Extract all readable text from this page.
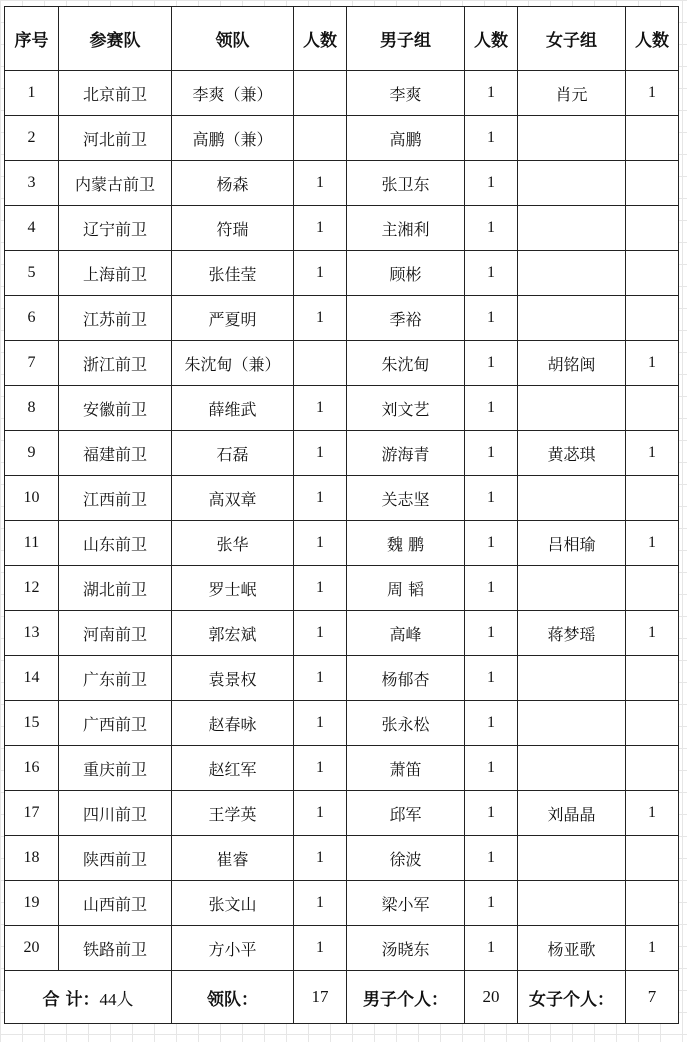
序号	参赛队	领队	人数	男子组	人数	女子组	人数
1	北京前卫	李爽（兼）		李爽	1	肖元	1
2	河北前卫	高鹏（兼）		高鹏	1		
3	内蒙古前卫	杨森	1	张卫东	1		
4	辽宁前卫	符瑞	1	主湘利	1		
5	上海前卫	张佳莹	1	顾彬	1		
6	江苏前卫	严夏明	1	季裕	1		
7	浙江前卫	朱沈甸（兼）		朱沈甸	1	胡铭闽	1
8	安徽前卫	薛维武	1	刘文艺	1		
9	福建前卫	石磊	1	游海青	1	黄苾琪	1
10	江西前卫	高双章	1	关志坚	1		
11	山东前卫	张华	1	魏 鹏	1	吕相瑜	1
12	湖北前卫	罗士岷	1	周 韬	1		
13	河南前卫	郭宏斌	1	高峰	1	蒋梦瑶	1
14	广东前卫	袁景权	1	杨郁杏	1		
15	广西前卫	赵春咏	1	张永松	1		
16	重庆前卫	赵红军	1	萧笛	1		
17	四川前卫	王学英	1	邱军	1	刘晶晶	1
18	陕西前卫	崔睿	1	徐波	1		
19	山西前卫	张文山	1	梁小军	1		
20	铁路前卫	方小平	1	汤晓东	1	杨亚歌	1
合 计：44人		领队：	17	男子个人：	20	女子个人：	7
